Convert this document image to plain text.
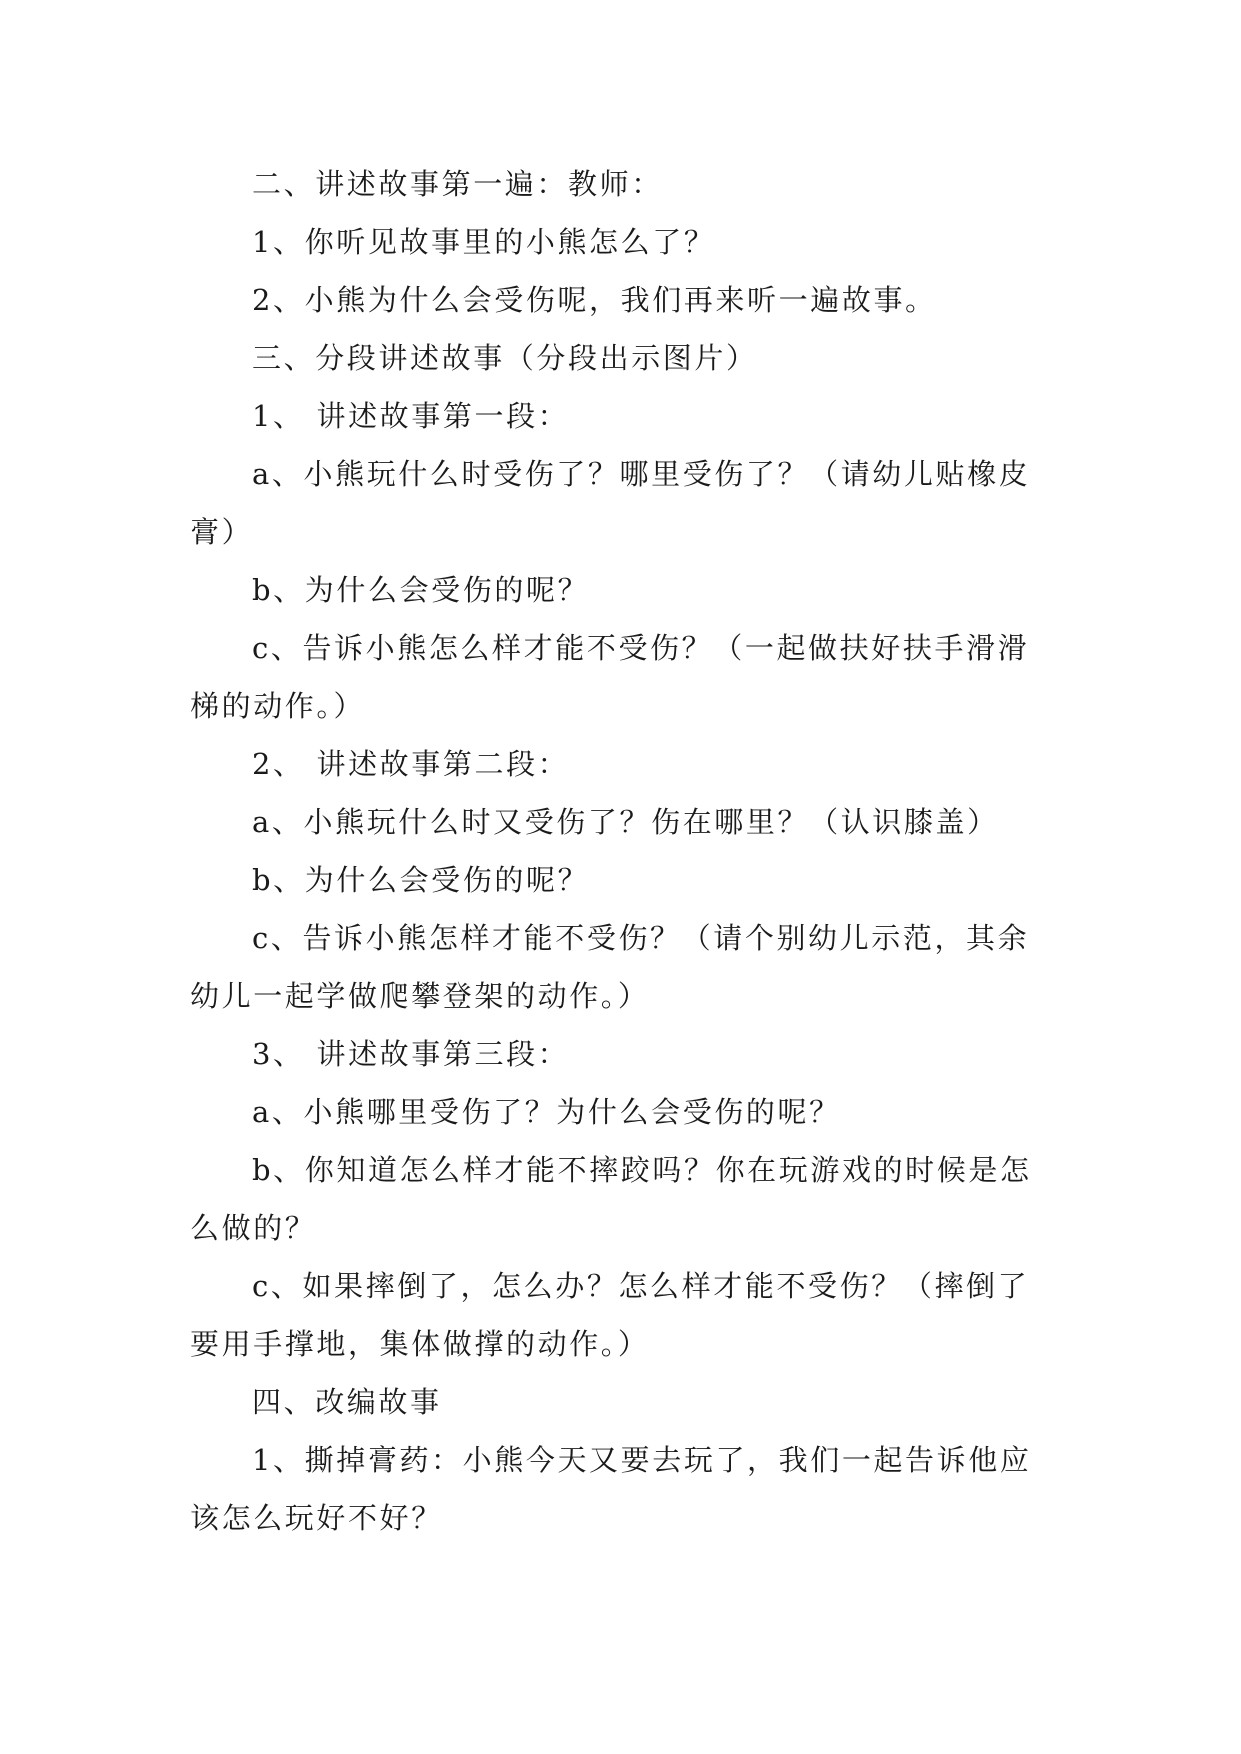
二、讲述故事第一遍：教师：

1、你听见故事里的小熊怎么了？

2、小熊为什么会受伤呢，我们再来听一遍故事。

三、分段讲述故事（分段出示图片）

1、 讲述故事第一段：

a、小熊玩什么时受伤了？哪里受伤了？（请幼儿贴橡皮膏）

b、为什么会受伤的呢？

c、告诉小熊怎么样才能不受伤？（一起做扶好扶手滑滑梯的动作。）

2、 讲述故事第二段：

a、小熊玩什么时又受伤了？伤在哪里？（认识膝盖）

b、为什么会受伤的呢？

c、告诉小熊怎样才能不受伤？（请个别幼儿示范，其余幼儿一起学做爬攀登架的动作。）

3、 讲述故事第三段：

a、小熊哪里受伤了？为什么会受伤的呢？

b、你知道怎么样才能不摔跤吗？你在玩游戏的时候是怎么做的？

c、如果摔倒了，怎么办？怎么样才能不受伤？（摔倒了要用手撑地，集体做撑的动作。）

四、改编故事

1、撕掉膏药：小熊今天又要去玩了，我们一起告诉他应该怎么玩好不好？
